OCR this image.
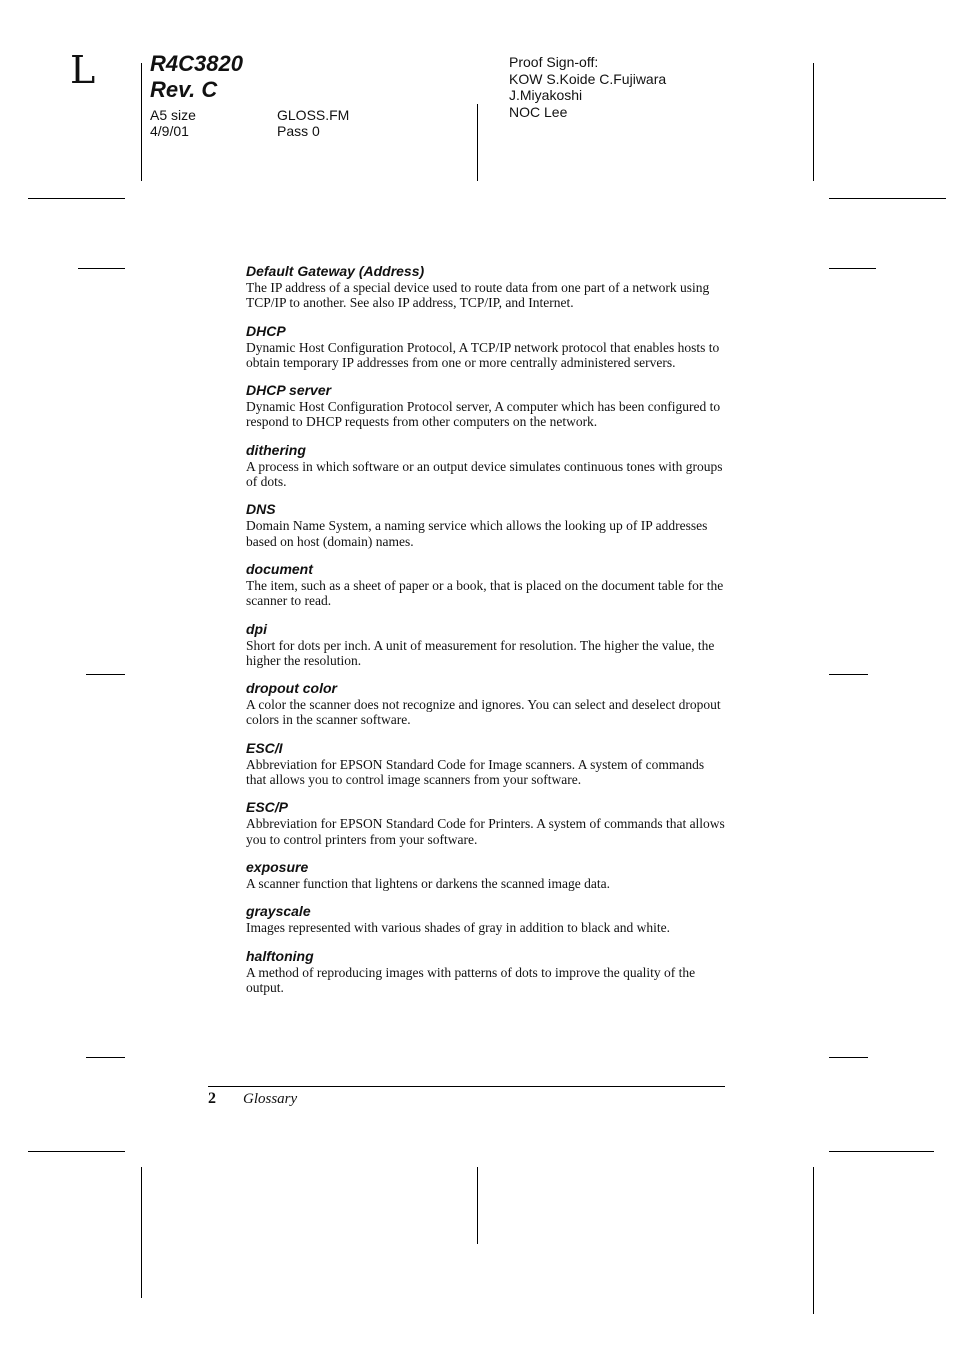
L R4C3820
Rev. C
A5 size
4/9/01
GLOSS.FM
Pass 0
Proof Sign-off:
KOW S.Koide C.Fujiwara
J.Miyakoshi
NOC Lee
Default Gateway (Address)
The IP address of a special device used to route data from one part of a network using TCP/IP to another. See also IP address, TCP/IP, and Internet.
DHCP
Dynamic Host Configuration Protocol, A TCP/IP network protocol that enables hosts to obtain temporary IP addresses from one or more centrally administered servers.
DHCP server
Dynamic Host Configuration Protocol server, A computer which has been configured to respond to DHCP requests from other computers on the network.
dithering
A process in which software or an output device simulates continuous tones with groups of dots.
DNS
Domain Name System, a naming service which allows the looking up of IP addresses based on host (domain) names.
document
The item, such as a sheet of paper or a book, that is placed on the document table for the scanner to read.
dpi
Short for dots per inch. A unit of measurement for resolution. The higher the value, the higher the resolution.
dropout color
A color the scanner does not recognize and ignores. You can select and deselect dropout colors in the scanner software.
ESC/I
Abbreviation for EPSON Standard Code for Image scanners. A system of commands that allows you to control image scanners from your software.
ESC/P
Abbreviation for EPSON Standard Code for Printers. A system of commands that allows you to control printers from your software.
exposure
A scanner function that lightens or darkens the scanned image data.
grayscale
Images represented with various shades of gray in addition to black and white.
halftoning
A method of reproducing images with patterns of dots to improve the quality of the output.
2 Glossary
